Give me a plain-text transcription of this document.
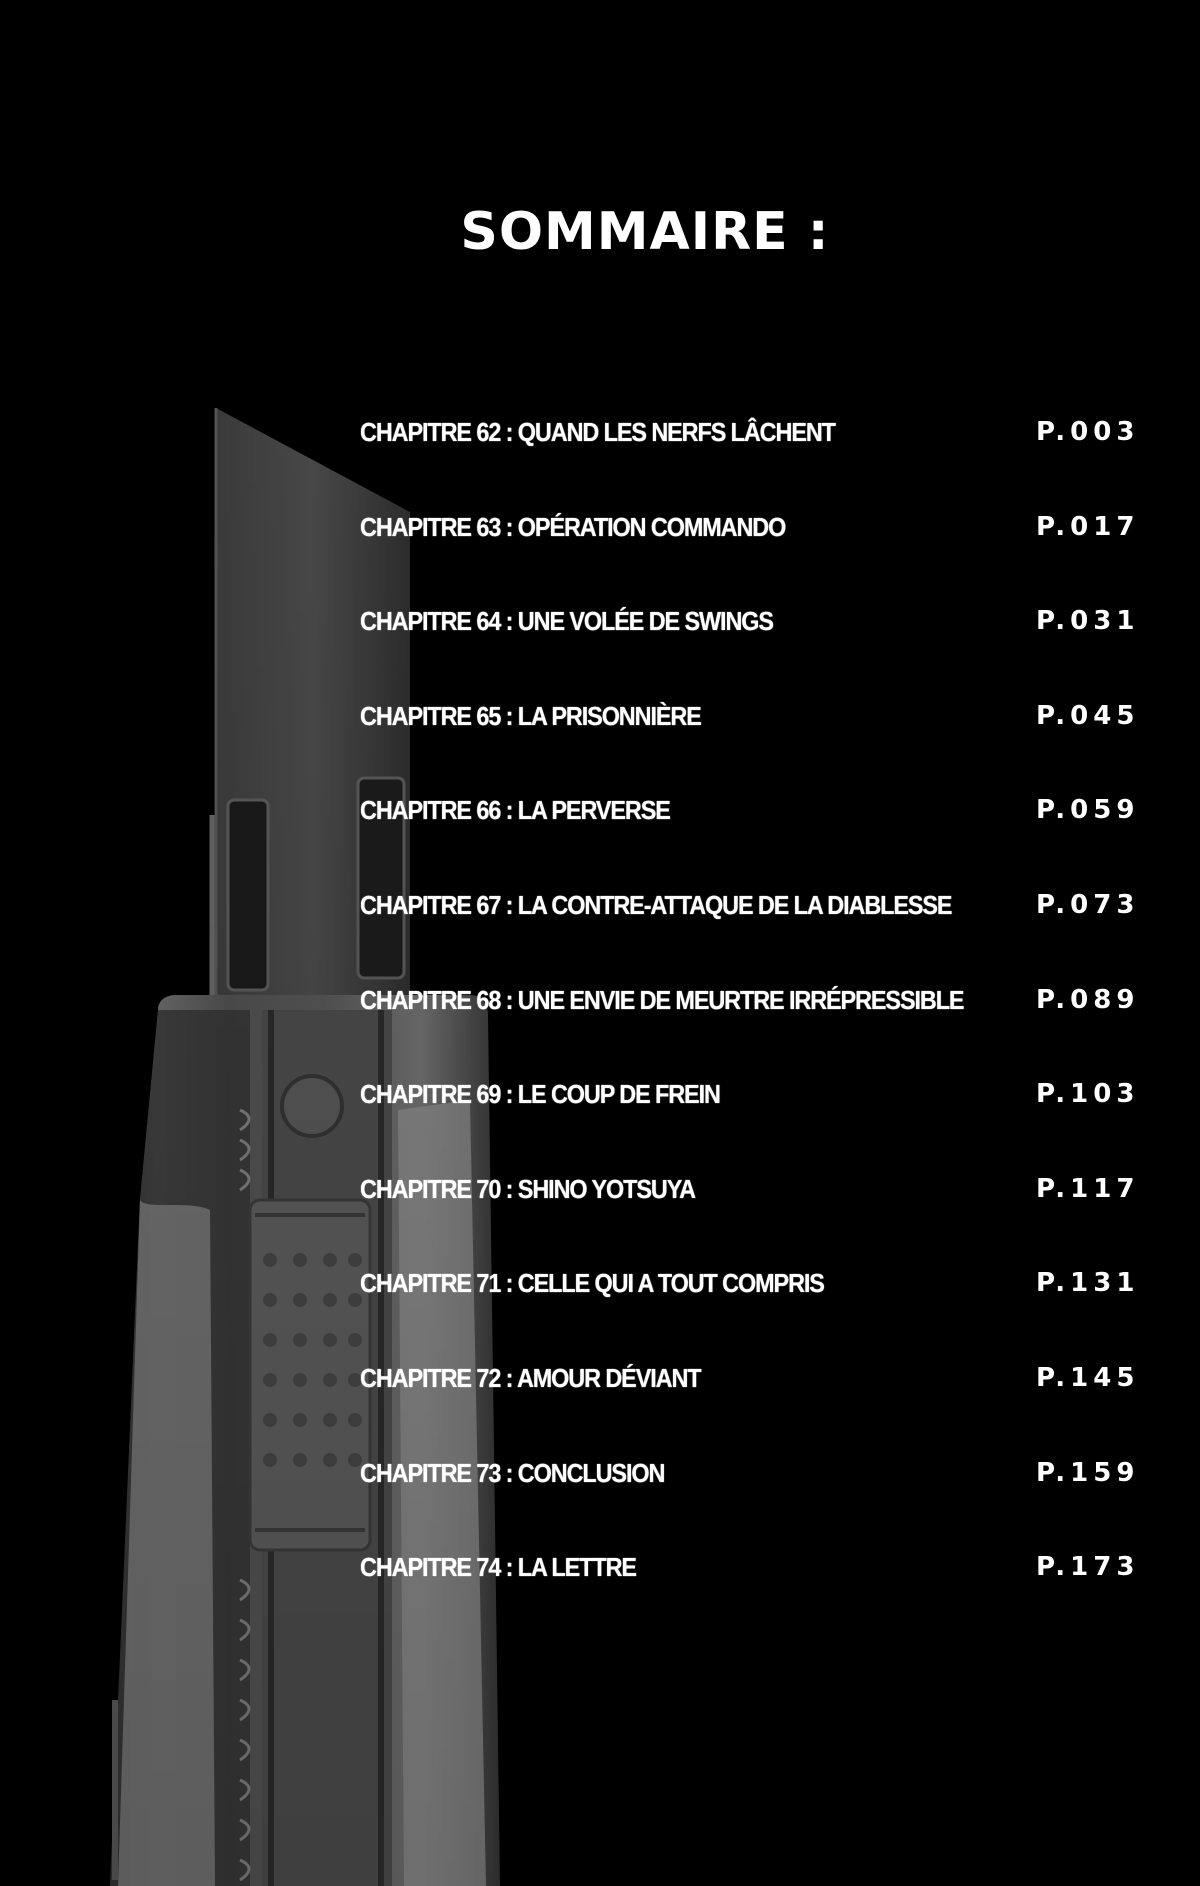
SOMMAIRE :
CHAPITRE 62 : QUAND LES NERFS LÂCHENT	P.003
CHAPITRE 63 : OPÉRATION COMMANDO	P.017
CHAPITRE 64 : UNE VOLÉE DE SWINGS	P.031
CHAPITRE 65 : LA PRISONNIÈRE	P.045
CHAPITRE 66 : LA PERVERSE	P.059
CHAPITRE 67 : LA CONTRE-ATTAQUE DE LA DIABLESSE	P.073
CHAPITRE 68 : UNE ENVIE DE MEURTRE IRRÉPRESSIBLE	P.089
CHAPITRE 69 : LE COUP DE FREIN	P.103
CHAPITRE 70 : SHINO YOTSUYA	P.117
CHAPITRE 71 : CELLE QUI A TOUT COMPRIS	P.131
CHAPITRE 72 : AMOUR DÉVIANT	P.145
CHAPITRE 73 : CONCLUSION	P.159
CHAPITRE 74 : LA LETTRE	P.173
